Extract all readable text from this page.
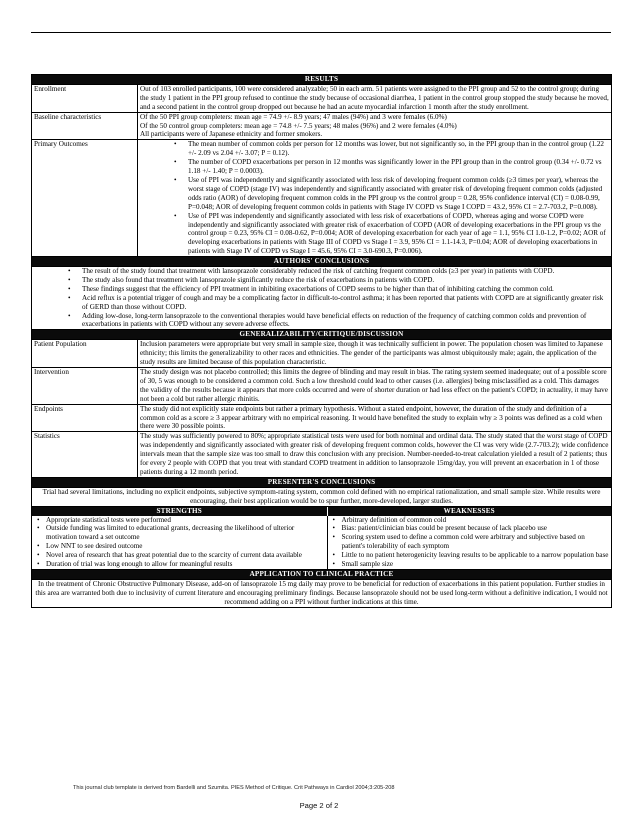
RESULTS
Enrollment	Out of 103 enrolled participants, 100 were considered analyzable; 50 in each arm. 51 patients were assigned to the PPI group and 52 to the control group; during the study 1 patient in the PPI group refused to continue the study because of occasional diarrhea, 1 patient in the control group stopped the study because he moved, and a second patient in the control group dropped out because he had an acute myocardial infarction 1 month after the study enrollment.
Baseline characteristics	Of the 50 PPI group completers: mean age = 74.9 +/- 8.9 years; 47 males (94%) and 3 were females (6.0%)

Of the 50 control group completers: mean age = 74.8 +/- 7.5 years; 48 males (96%) and 2 were females (4.0%)

All participants were of Japanese ethnicity and former smokers.

Primary Outcomes	
•The mean number of common colds per person for 12 months was lower, but not significantly so, in the PPI group than in the control group (1.22 +/- 2.09 vs 2.04 +/- 3.07; P = 0.12).
• The number of COPD exacerbations per person in 12 months was significantly lower in the PPI group than in the control group (0.34 +/- 0.72 vs 1.18 +/- 1.40; P = 0.0003).
• Use of PPI was independently and significantly associated with less risk of developing frequent common colds (≥3 times per year), whereas the worst stage of COPD (stage IV) was independently and significantly associated with greater risk of developing frequent common colds (adjusted odds ratio (AOR) of developing frequent common colds in the PPI group vs the control group = 0.28, 95% confidence interval (CI) = 0.08-0.99, P=0.048; AOR of developing frequent common colds in patients with Stage IV COPD vs Stage I COPD = 43.2, 95% CI = 2.7-703.2, P=0.008).
• Use of PPI was independently and significantly associated with less risk of exacerbations of COPD, whereas aging and worse COPD were independently and significantly associated with greater risk of exacerbation of COPD (AOR of developing exacerbations in the PPI group vs the control group = 0.23, 95% CI = 0.08-0.62, P=0.004; AOR of developing exacerbation for each year of age = 1.1, 95% CI 1.0-1.2, P=0.02; AOR of developing exacerbations in patients with Stage III of COPD vs Stage I = 3.9, 95% CI = 1.1-14.3, P=0.04; AOR of developing exacerbations in patients with Stage IV of COPD vs Stage I = 45.6, 95% CI = 3.0-690.3, P=0.006).

AUTHORS' CONCLUSIONS

• The result of the study found that treatment with lansoprazole considerably reduced the risk of catching frequent common colds (≥3 per year) in patients with COPD.
• The study also found that treatment with lansoprazole significantly reduce the risk of exacerbations in patients with COPD.
• These findings suggest that the efficiency of PPI treatment in inhibiting exacerbations of COPD seems to be higher than that of inhibiting catching the common cold.
• Acid reflux is a potential trigger of cough and may be a complicating factor in difficult-to-control asthma; it has been reported that patients with COPD are at significantly greater risk of GERD than those without COPD.
• Adding low-dose, long-term lansoprazole to the conventional therapies would have beneficial effects on reduction of the frequency of catching common colds and prevention of exacerbations in patients with COPD without any severe adverse effects.

GENERALIZABILITY/CRITIQUE/DISCUSSION
Patient Population	Inclusion parameters were appropriate but very small in sample size, though it was technically sufficient in power. The population chosen was limited to Japanese ethnicity; this limits the generalizability to other races and ethnicities. The gender of the participants was almost ubiquitously male; again, the application of the study results are limited because of this population characteristic.
Intervention	The study design was not placebo controlled; this limits the degree of blinding and may result in bias. The rating system seemed inadequate; out of a possible score of 30, 5 was enough to be considered a common cold. Such a low threshold could lead to other causes (i.e. allergies) being misclassified as a cold. This damages the validity of the results because it appears that more colds occurred and were of shorter duration or had less effect on the patient's COPD; in actuality, it may have not been a cold but rather allergic rhinitis.
Endpoints	The study did not explicitly state endpoints but rather a primary hypothesis. Without a stated endpoint, however, the duration of the study and definition of a common cold as a score ≥ 3 appear arbitrary with no empirical reasoning. It would have benefited the study to explain why ≥ 3 points was defined as a cold when there were 30 possible points.
Statistics	The study was sufficiently powered to 80%; appropriate statistical tests were used for both nominal and ordinal data. The study stated that the worst stage of COPD was independently and significantly associated with greater risk of developing frequent common colds, however the CI was very wide (2.7-703.2); wide confidence intervals mean that the sample size was too small to draw this conclusion with any precision. Number-needed-to-treat calculation yielded a result of 2 patients; thus for every 2 people with COPD that you treat with standard COPD treatment in addition to lansoprazole 15mg/day, you will prevent an exacerbation in 1 of those patients during a 12 month period.
PRESENTER'S CONCLUSIONS
Trial had several limitations, including no explicit endpoints, subjective symptom-rating system, common cold defined with no empirical rationalization, and small sample size. While results were encouraging, their best application would be to spur further, more-developed, larger studies.

STRENGTHS	WEAKNESSES

• Appropriate statistical tests were performed
• Outside funding was limited to educational grants, decreasing the likelihood of ulterior motivation toward a set outcome
• Low NNT to see desired outcome
• Novel area of research that has great potential due to the scarcity of current data available
• Duration of trial was long enough to allow for meaningful results

• Arbitrary definition of common cold
• Bias: patient/clinician bias could be present because of lack placebo use
• Scoring system used to define a common cold were arbitrary and subjective based on patient's tolerability of each symptom
• Little to no patient heterogenicity leaving results to be applicable to a narrow population base
• Small sample size

APPLICATION TO CLINICAL PRACTICE
In the treatment of Chronic Obstructive Pulmonary Disease, add-on of lansoprazole 15 mg daily may prove to be beneficial for reduction of exacerbations in this patient population. Further studies in this area are warranted both due to inclusivity of current literature and encouraging preliminary findings. Because lansoprazole should not be used long-term without a definitive indication, I would not recommend adding on a PPI without further indications at this time.
This journal club template is derived from Bardelli and Szumita. PIES Method of Critique. Crit Pathways in Cardiol 2004;3:205-208
Page 2 of 2
